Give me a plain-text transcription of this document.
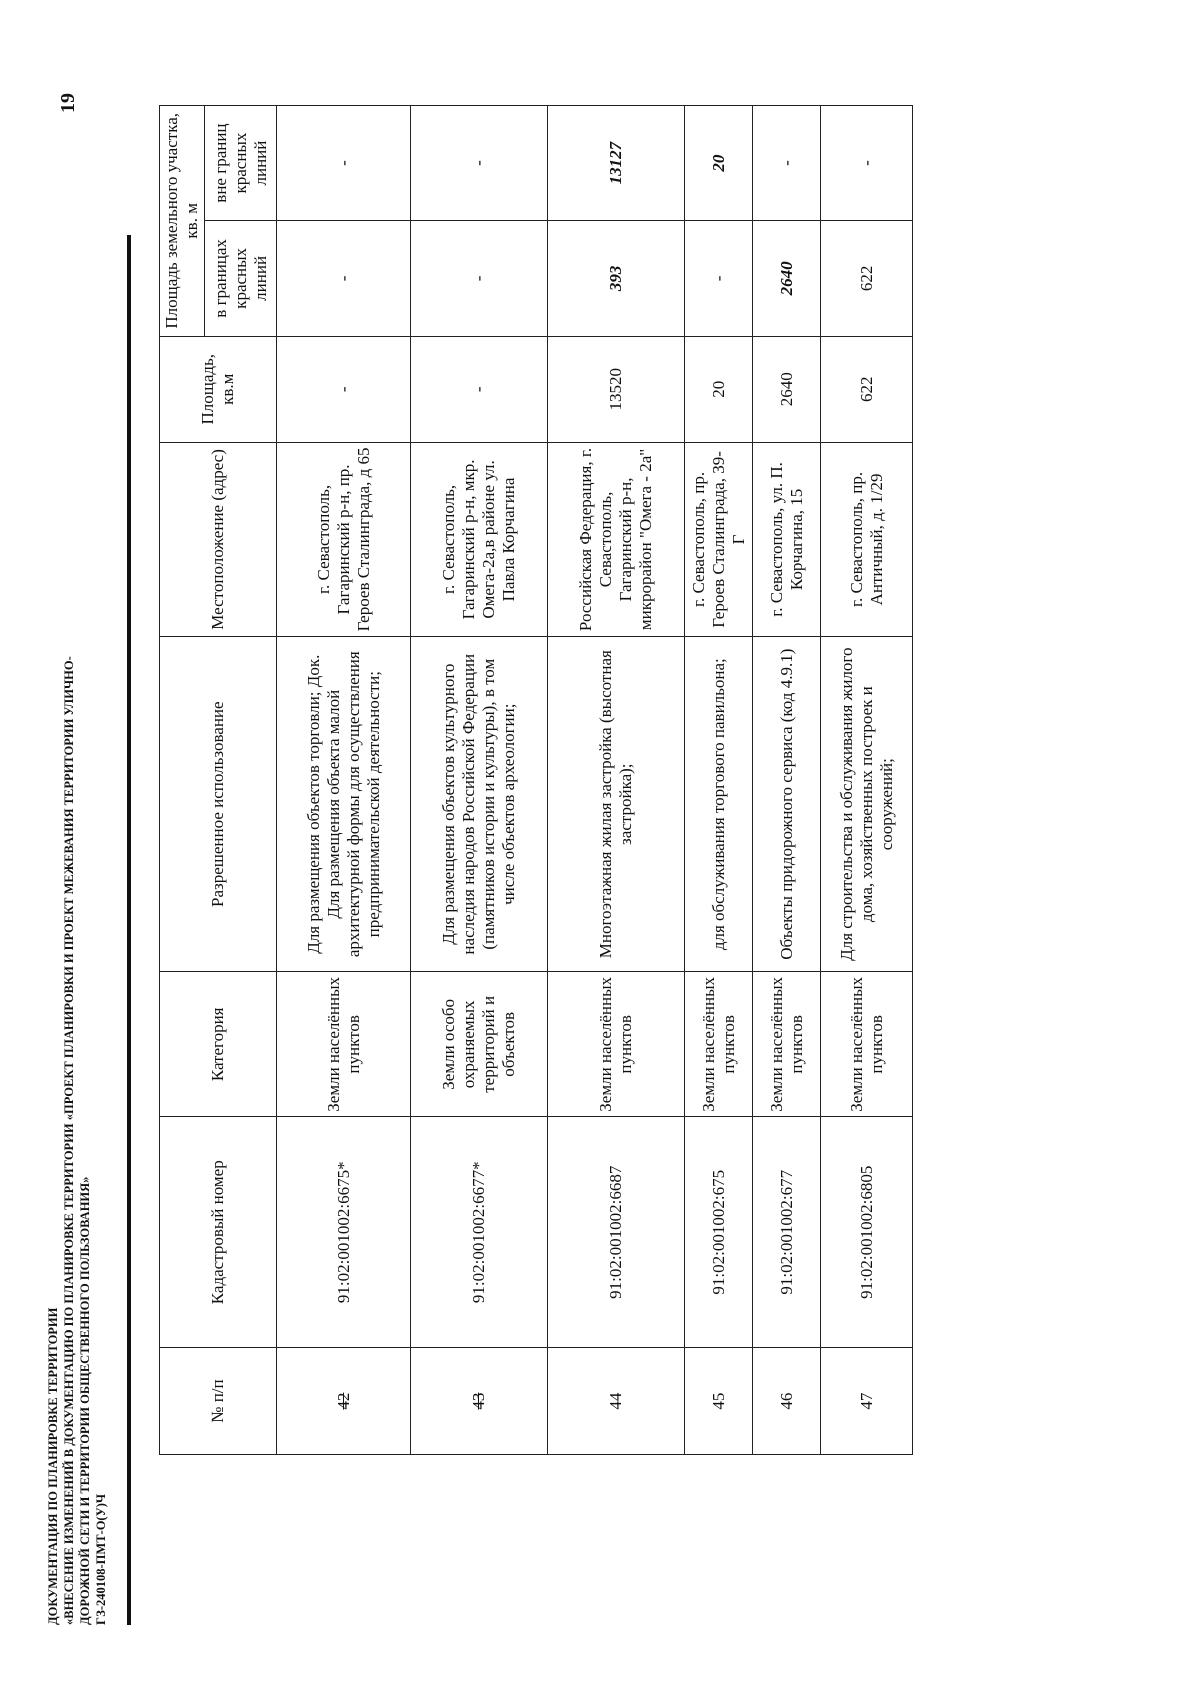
19
ДОКУМЕНТАЦИЯ ПО ПЛАНИРОВКЕ ТЕРРИТОРИИ «ВНЕСЕНИЕ ИЗМЕНЕНИЙ В ДОКУМЕНТАЦИЮ ПО ПЛАНИРОВКЕ ТЕРРИТОРИИ «ПРОЕКТ ПЛАНИРОВКИ И ПРОЕКТ МЕЖЕВАНИЯ ТЕРРИТОРИИ УЛИЧНО- ДОРОЖНОЙ СЕТИ И ТЕРРИТОРИИ ОБЩЕСТВЕННОГО ПОЛЬЗОВАНИЯ» ГЗ-240108-ПМТ-О(У)Ч
№ п/п	Кадастровый номер	Категория	Разрешенное использование	Местоположение (адрес)	Площадь, кв.м	Площадь земельного участка, кв. м	
						в границах красных линий	вне границ красных линий
42	91:02:001002:6675*	Земли населённых пунктов	Для размещения объектов торговли; Док. Для размещения объекта малой архитектурной формы для осуществления предпринимательской деятельности;	г. Севастополь, Гагаринский р-н, пр. Героев Сталинграда, д 65	-	-	-
43	91:02:001002:6677*	Земли особо охраняемых территорий и объектов	Для размещения объектов культурного наследия народов Российской Федерации (памятников истории и культуры), в том числе объектов археологии;	г. Севастополь, Гагаринский р-н, мкр. Омега-2а,в районе ул. Павла Корчагина	-	-	-
44	91:02:001002:6687	Земли населённых пунктов	Многоэтажная жилая застройка (высотная застройка);	Российская Федерация, г. Севастополь, Гагаринский р-н, микрорайон "Омега - 2а"	13520	393	13127
45	91:02:001002:675	Земли населённых пунктов	для обслуживания торгового павильона;	г. Севастополь, пр. Героев Сталинграда, 39-Г	20	-	20
46	91:02:001002:677	Земли населённых пунктов	Объекты придорожного сервиса (код 4.9.1)	г. Севастополь, ул. П. Корчагина, 15	2640	2640	-
47	91:02:001002:6805	Земли населённых пунктов	Для строительства и обслуживания жилого дома, хозяйственных построек и сооружений;	г. Севастополь, пр. Античный, д. 1/29	622	622	-
